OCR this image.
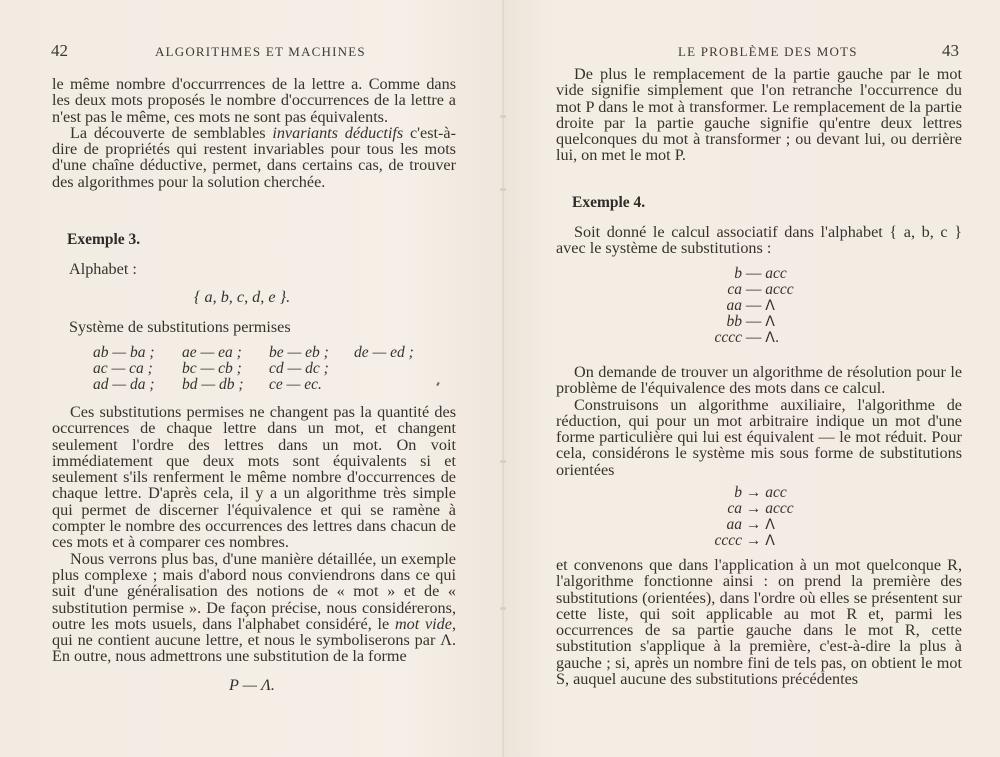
42	ALGORITHMES ET MACHINES

le même nombre d'occurrrences de la lettre a. Comme dans les deux mots proposés le nombre d'occurrences de la lettre a n'est pas le même, ces mots ne sont pas équivalents.

La découverte de semblables invariants déductifs c'est-à-dire de propriétés qui restent invariables pour tous les mots d'une chaîne déductive, permet, dans certains cas, de trouver des algorithmes pour la solution cherchée.

Exemple 3.
Alphabet :
{ a, b, c, d, e }.
Système de substitutions permises
ab — ba ; ae — ea ; be — eb ; de — ed ;
ac — ca ; bc — cb ; cd — dc ;
ad — da ; bd — db ; ce — ec.

Ces substitutions permises ne changent pas la quantité des occurrences de chaque lettre dans un mot, et changent seulement l'ordre des lettres dans un mot. On voit immédiatement que deux mots sont équivalents si et seulement s'ils renferment le même nombre d'occurrences de chaque lettre. D'après cela, il y a un algorithme très simple qui permet de discerner l'équivalence et qui se ramène à compter le nombre des occurrences des lettres dans chacun de ces mots et à comparer ces nombres.

Nous verrons plus bas, d'une manière détaillée, un exemple plus complexe ; mais d'abord nous conviendrons dans ce qui suit d'une généralisation des notions de « mot » et de « substitution permise ». De façon précise, nous considérerons, outre les mots usuels, dans l'alphabet considéré, le mot vide, qui ne contient aucune lettre, et nous le symboliserons par Λ. En outre, nous admettrons une substitution de la forme

P — Λ.
LE PROBLÈME DES MOTS	43

De plus le remplacement de la partie gauche par le mot vide signifie simplement que l'on retranche l'occurrence du mot P dans le mot à transformer. Le remplacement de la partie droite par la partie gauche signifie qu'entre deux lettres quelconques du mot à transformer ; ou devant lui, ou derrière lui, on met le mot P.

Exemple 4.

Soit donné le calcul associatif dans l'alphabet { a, b, c } avec le système de substitutions :

b — acc
ca — accc
aa — Λ
bb — Λ
cccc — Λ.

On demande de trouver un algorithme de résolution pour le problème de l'équivalence des mots dans ce calcul.

Construisons un algorithme auxiliaire, l'algorithme de réduction, qui pour un mot arbitraire indique un mot d'une forme particulière qui lui est équivalent — le mot réduit. Pour cela, considérons le système mis sous forme de substitutions orientées

b → acc
ca → accc
aa → Λ
cccc → Λ

et convenons que dans l'application à un mot quelconque R, l'algorithme fonctionne ainsi : on prend la première des substitutions (orientées), dans l'ordre où elles se présentent sur cette liste, qui soit applicable au mot R et, parmi les occurrences de sa partie gauche dans le mot R, cette substitution s'applique à la première, c'est-à-dire la plus à gauche ; si, après un nombre fini de tels pas, on obtient le mot S, auquel aucune des substitutions précédentes
